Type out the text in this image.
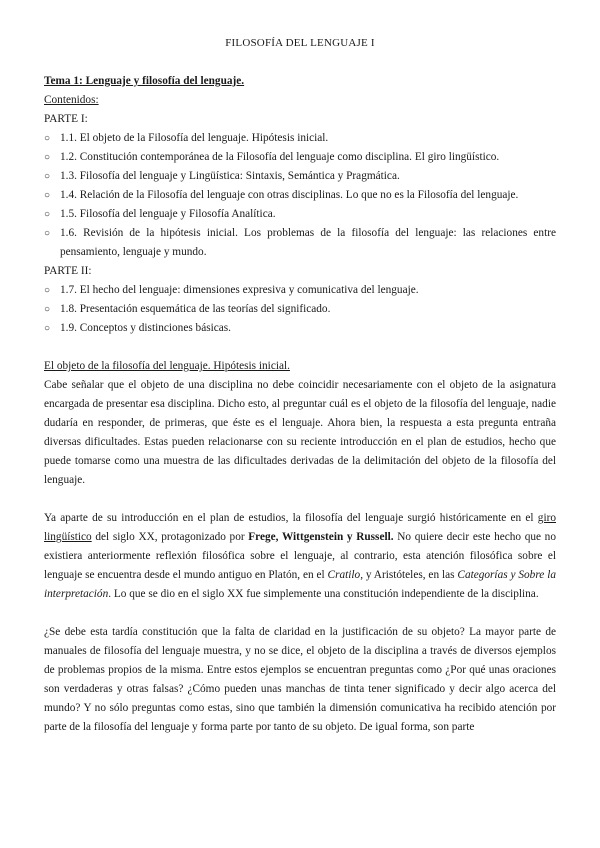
FILOSOFÍA DEL LENGUAJE I

Tema 1: Lenguaje y filosofía del lenguaje.

Contenidos:

PARTE I:

○ 1.1. El objeto de la Filosofía del lenguaje. Hipótesis inicial.
○ 1.2. Constitución contemporánea de la Filosofía del lenguaje como disciplina. El giro lingüístico.
○ 1.3. Filosofía del lenguaje y Lingüística: Sintaxis, Semántica y Pragmática.
○ 1.4. Relación de la Filosofía del lenguaje con otras disciplinas. Lo que no es la Filosofía del lenguaje.
○ 1.5. Filosofía del lenguaje y Filosofía Analítica.
○ 1.6. Revisión de la hipótesis inicial. Los problemas de la filosofía del lenguaje: las relaciones entre pensamiento, lenguaje y mundo.

PARTE II:

○ 1.7. El hecho del lenguaje: dimensiones expresiva y comunicativa del lenguaje.
○ 1.8. Presentación esquemática de las teorías del significado.
○ 1.9. Conceptos y distinciones básicas.

El objeto de la filosofía del lenguaje. Hipótesis inicial.

Cabe señalar que el objeto de una disciplina no debe coincidir necesariamente con el objeto de la asignatura encargada de presentar esa disciplina. Dicho esto, al preguntar cuál es el objeto de la filosofía del lenguaje, nadie dudaría en responder, de primeras, que éste es el lenguaje. Ahora bien, la respuesta a esta pregunta entraña diversas dificultades. Estas pueden relacionarse con su reciente introducción en el plan de estudios, hecho que puede tomarse como una muestra de las dificultades derivadas de la delimitación del objeto de la filosofía del lenguaje.

Ya aparte de su introducción en el plan de estudios, la filosofía del lenguaje surgió históricamente en el giro lingüístico del siglo XX, protagonizado por Frege, Wittgenstein y Russell. No quiere decir este hecho que no existiera anteriormente reflexión filosófica sobre el lenguaje, al contrario, esta atención filosófica sobre el lenguaje se encuentra desde el mundo antiguo en Platón, en el Cratilo, y Aristóteles, en las Categorías y Sobre la interpretación. Lo que se dio en el siglo XX fue simplemente una constitución independiente de la disciplina.

¿Se debe esta tardía constitución que la falta de claridad en la justificación de su objeto? La mayor parte de manuales de filosofía del lenguaje muestra, y no se dice, el objeto de la disciplina a través de diversos ejemplos de problemas propios de la misma. Entre estos ejemplos se encuentran preguntas como ¿Por qué unas oraciones son verdaderas y otras falsas? ¿Cómo pueden unas manchas de tinta tener significado y decir algo acerca del mundo? Y no sólo preguntas como estas, sino que también la dimensión comunicativa ha recibido atención por parte de la filosofía del lenguaje y forma parte por tanto de su objeto. De igual forma, son parte
